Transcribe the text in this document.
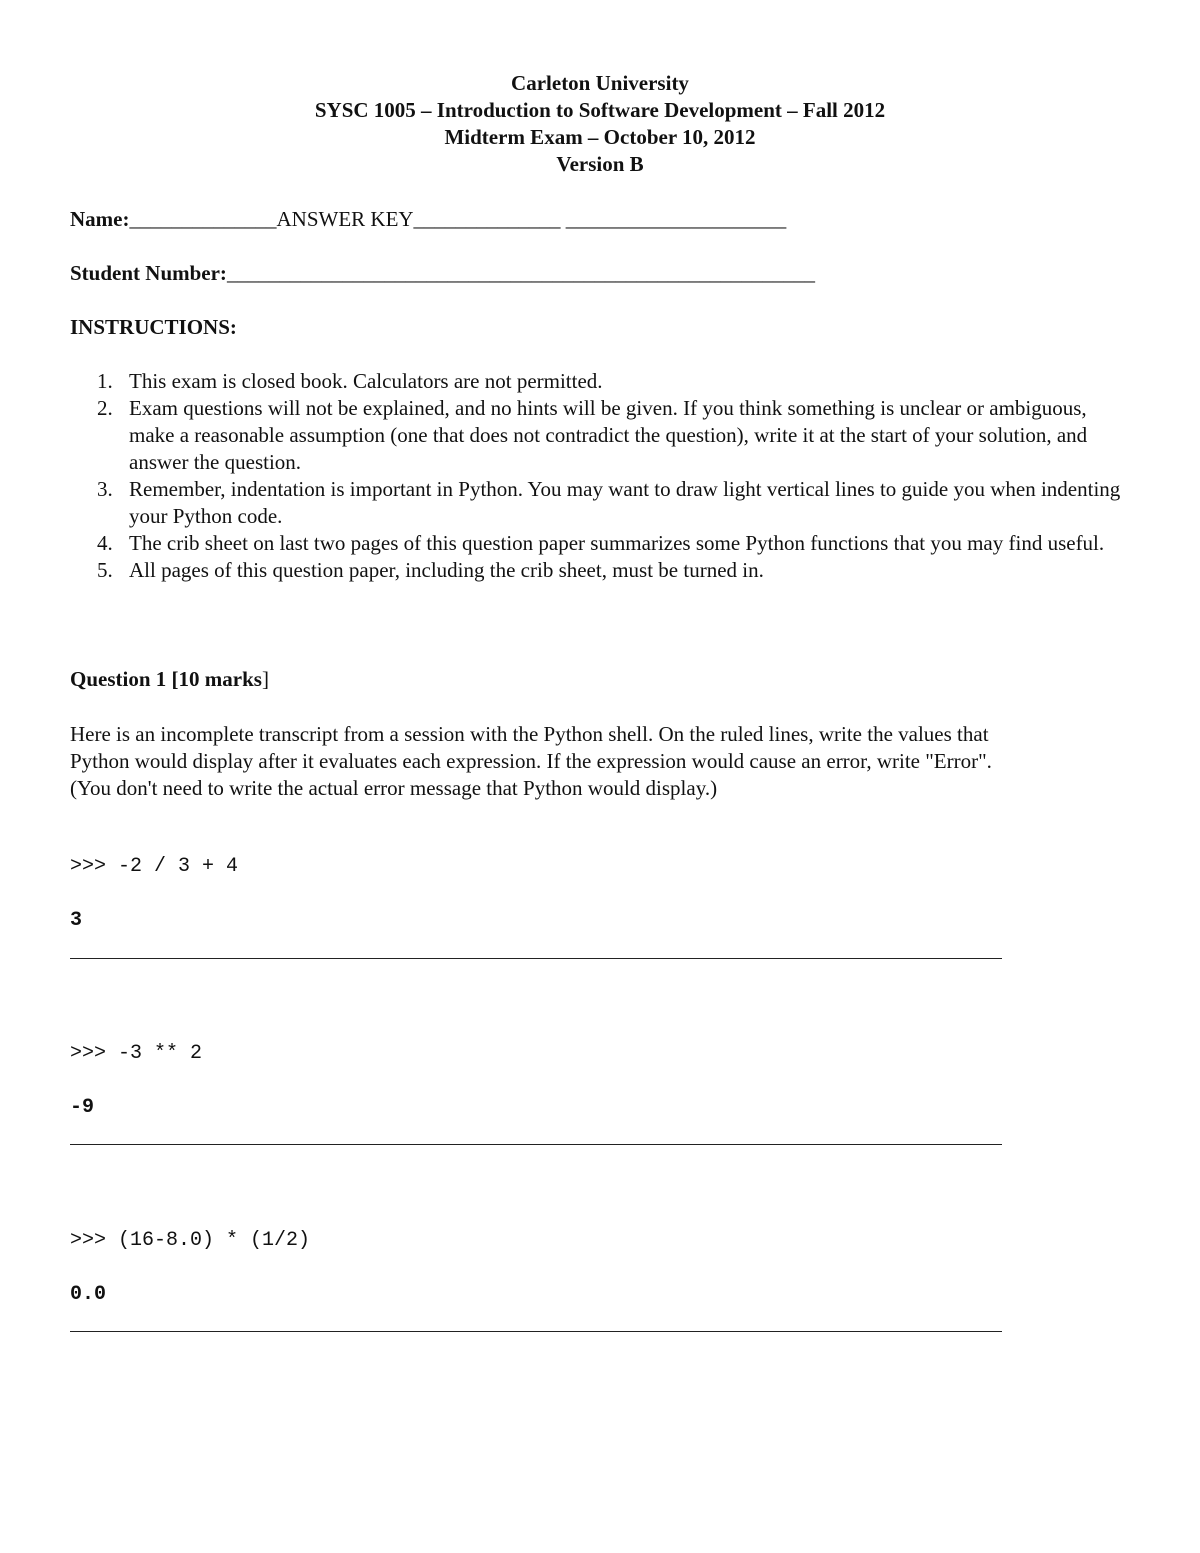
Carleton University
SYSC 1005 – Introduction to Software Development – Fall 2012
Midterm Exam – October 10, 2012
Version B
Name:______________ANSWER KEY______________ _____________________
Student Number:________________________________________________________
INSTRUCTIONS:
1. This exam is closed book. Calculators are not permitted.
2. Exam questions will not be explained, and no hints will be given. If you think something is unclear or ambiguous, make a reasonable assumption (one that does not contradict the question), write it at the start of your solution, and answer the question.
3. Remember, indentation is important in Python. You may want to draw light vertical lines to guide you when indenting your Python code.
4. The crib sheet on last two pages of this question paper summarizes some Python functions that you may find useful.
5. All pages of this question paper, including the crib sheet, must be turned in.
Question 1 [10 marks]
Here is an incomplete transcript from a session with the Python shell. On the ruled lines, write the values that
Python would display after it evaluates each expression. If the expression would cause an error, write "Error".
(You don't need to write the actual error message that Python would display.)
>>> -2 / 3 + 4
3
>>> -3 ** 2
-9
>>> (16-8.0) * (1/2)
0.0
